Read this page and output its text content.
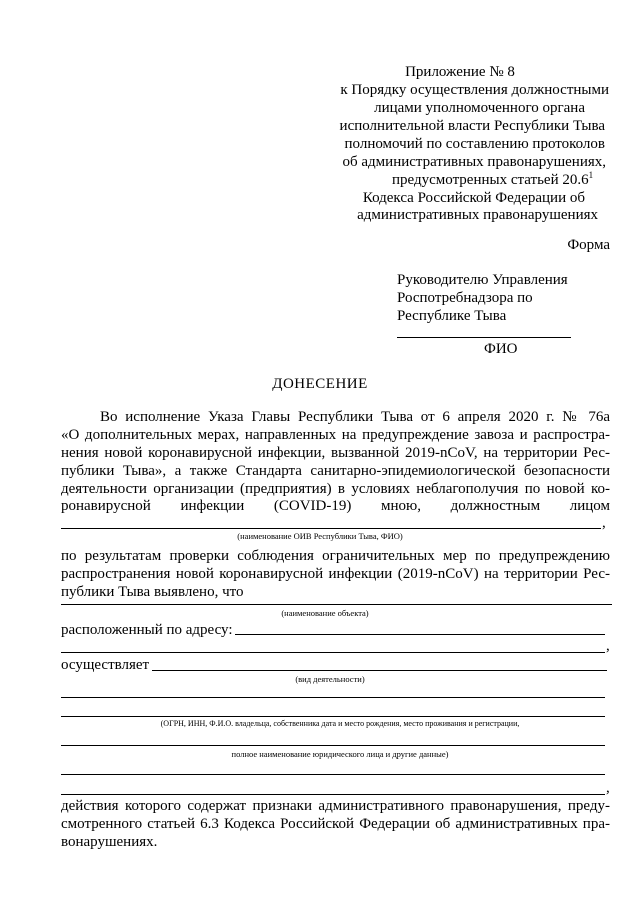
Приложение № 8
к Порядку осуществления должностными
лицами уполномоченного органа
исполнительной власти Республики Тыва
полномочий по составлению протоколов
об административных правонарушениях,
предусмотренных статьей 20.6$^1$
Кодекса Российской Федерации об
административных правонарушениях
Форма
Руководителю Управления
Роспотребнадзора по
Республике Тыва
ФИО
ДОНЕСЕНИЕ
Во исполнение Указа Главы Республики Тыва от 6 апреля 2020 г. № 76а
«О дополнительных мерах, направленных на предупреждение завоза и распростра-
нения новой коронавирусной инфекции, вызванной 2019-nCoV, на территории Рес-
публики Тыва», а также Стандарта санитарно-эпидемиологической безопасности
деятельности организации (предприятия) в условиях неблагополучия по новой ко-
ронавирусной инфекции (COVID-19) мною, должностным лицом
,
(наименование ОИВ Республики Тыва, ФИО)
по результатам проверки соблюдения ограничительных мер по предупреждению
распространения новой коронавирусной инфекции (2019-nCoV) на территории Рес-
публики Тыва выявлено, что
(наименование объекта)
расположенный по адресу:
,
осуществляет
(вид деятельности)
(ОГРН, ИНН, Ф.И.О. владельца, собственника дата и место рождения, место проживания и регистрации,
полное наименование юридического лица и другие данные)
,
действия которого содержат признаки административного правонарушения, преду-
смотренного статьей 6.3 Кодекса Российской Федерации об административных пра-
вонарушениях.
